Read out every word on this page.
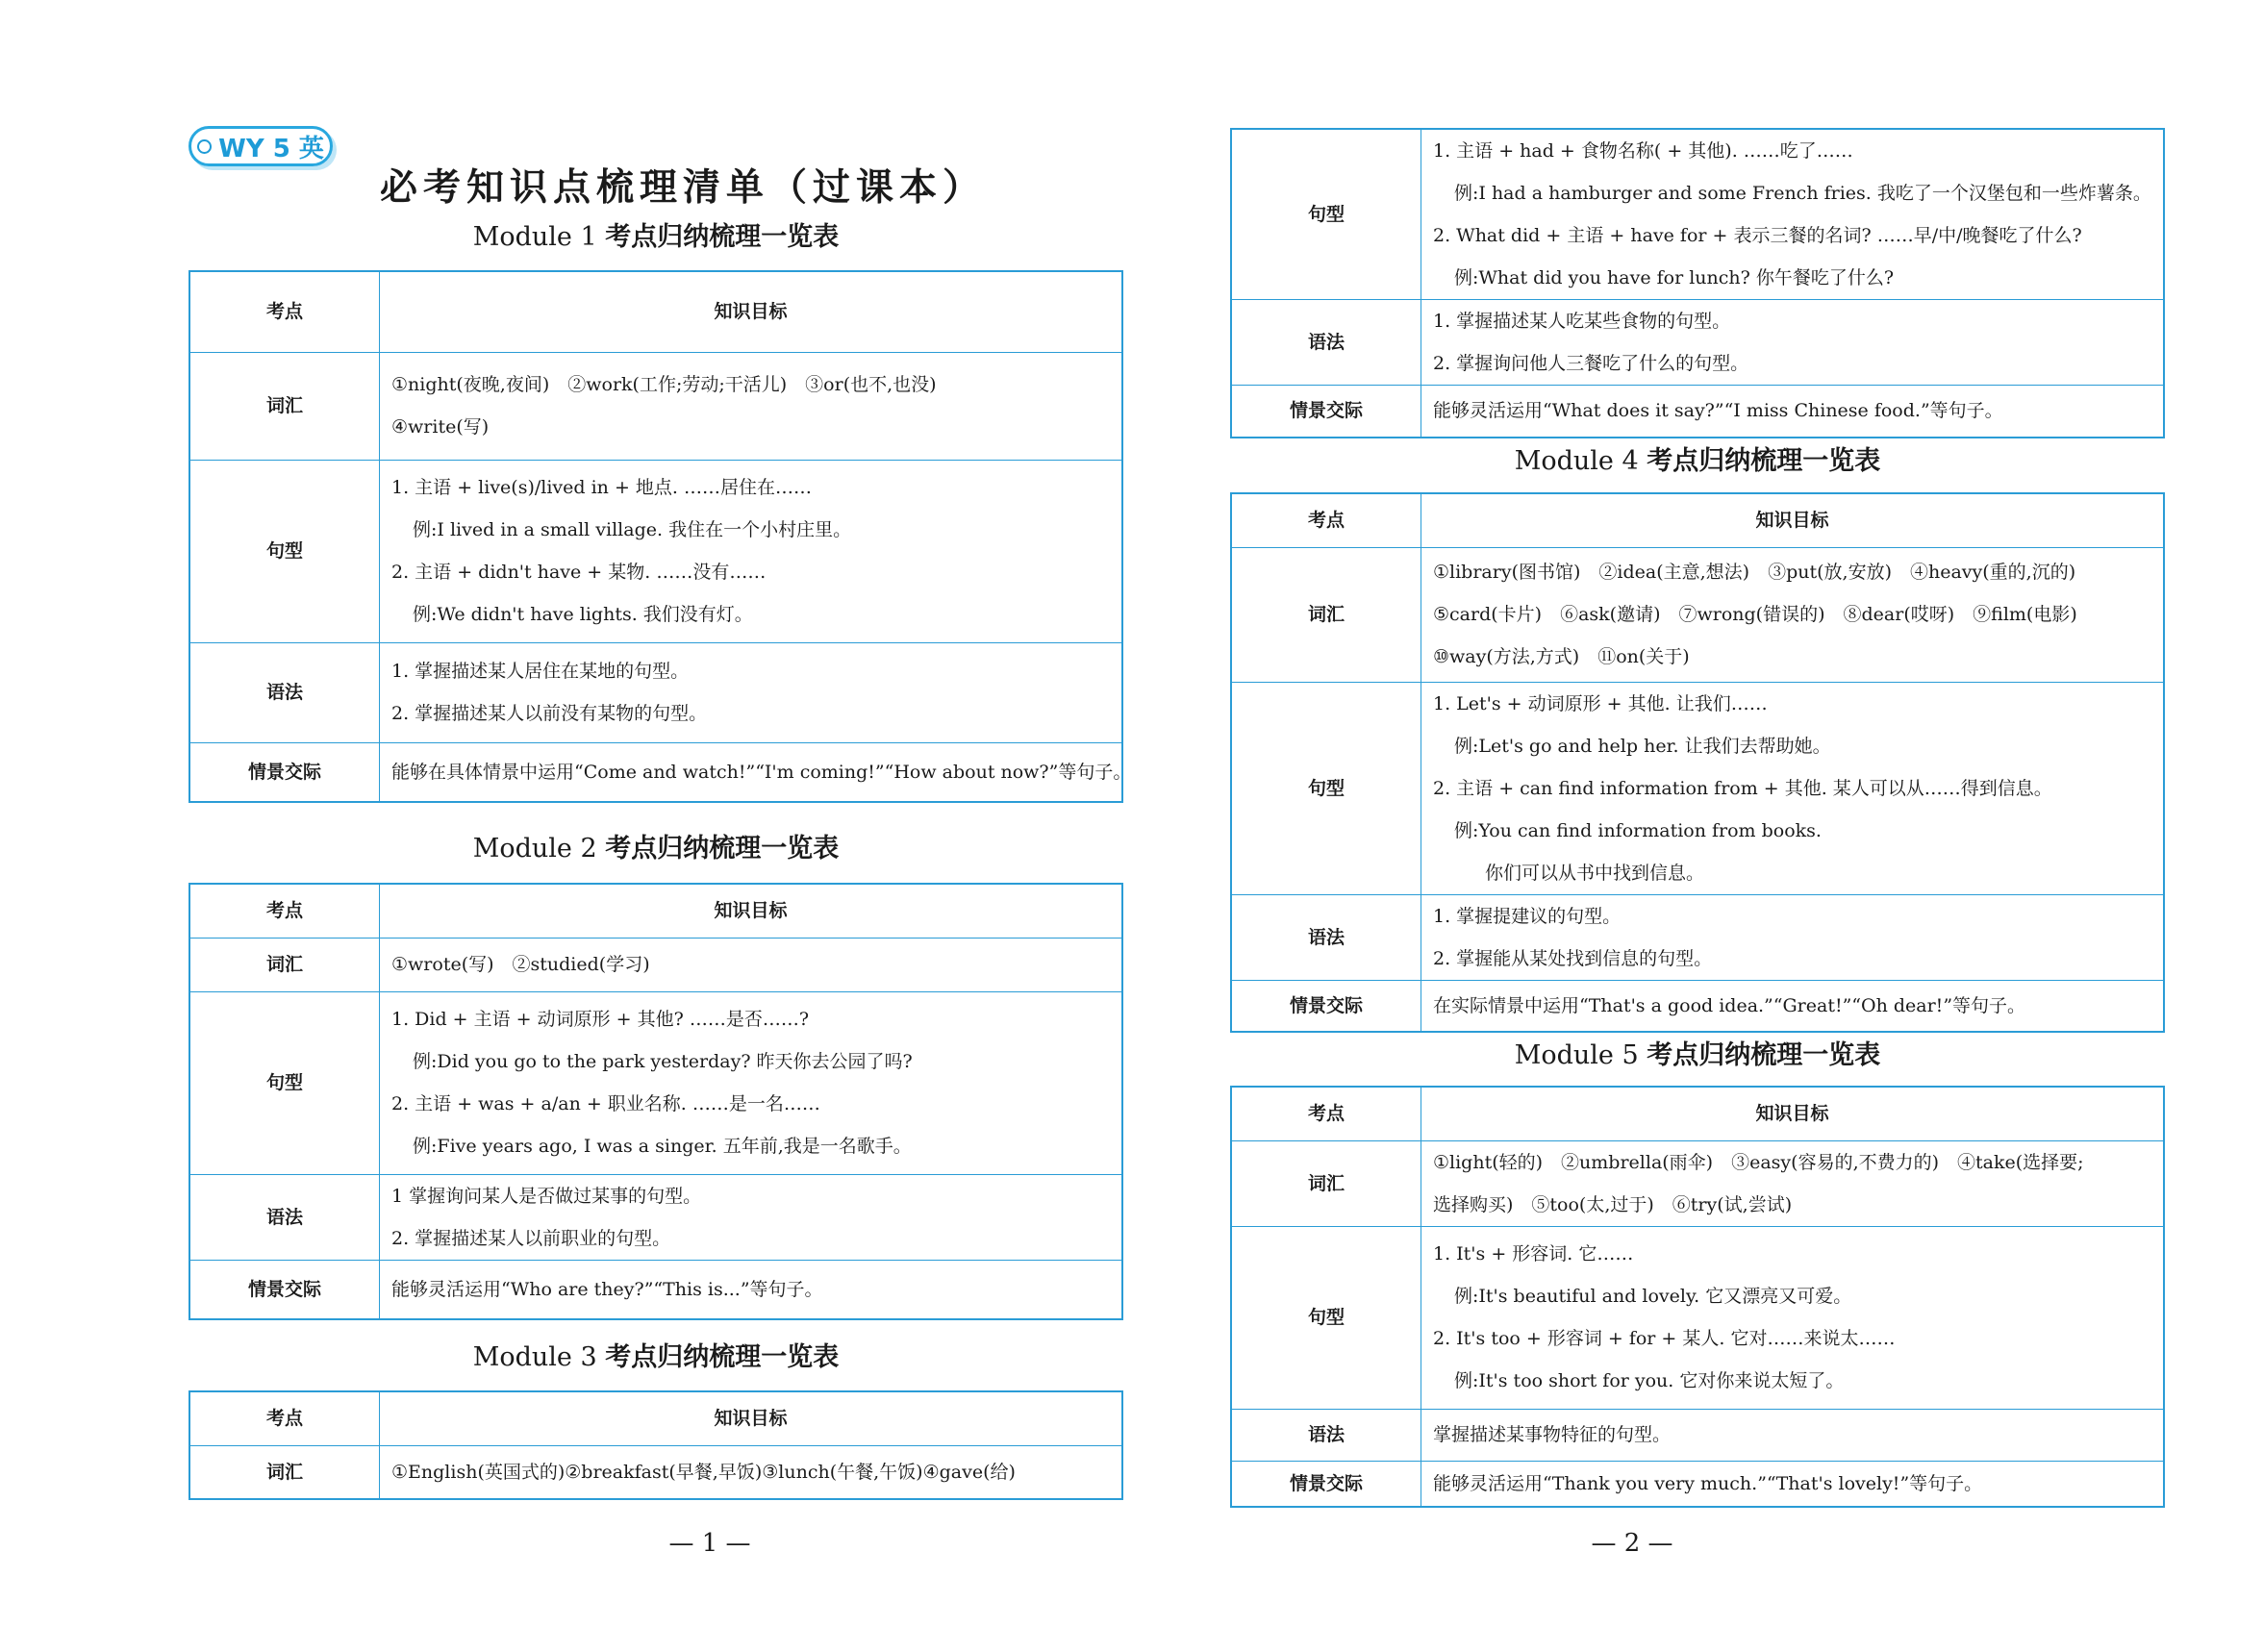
WY 5 英
必考知识点梳理清单（过课本）
Module 1 考点归纳梳理一览表
考点	知识目标
词汇	①night(夜晚,夜间)　②work(工作;劳动;干活儿)　③or(也不,也没)
④write(写)

句型	1. 主语 + live(s)/lived in + 地点. ……居住在……
例:I lived in a small village. 我住在一个小村庄里。
2. 主语 + didn't have + 某物. ……没有……
例:We didn't have lights. 我们没有灯。

语法	1. 掌握描述某人居住在某地的句型。
2. 掌握描述某人以前没有某物的句型。

情景交际	能够在具体情景中运用“Come and watch!”“I'm coming!”“How about now?”等句子。
Module 2 考点归纳梳理一览表
考点	知识目标
词汇	①wrote(写)　②studied(学习)

句型	1. Did + 主语 + 动词原形 + 其他? ……是否……?
例:Did you go to the park yesterday? 昨天你去公园了吗?
2. 主语 + was + a/an + 职业名称. ……是一名……
例:Five years ago, I was a singer. 五年前,我是一名歌手。

语法	1 掌握询问某人是否做过某事的句型。
2. 掌握描述某人以前职业的句型。

情景交际	能够灵活运用“Who are they?”“This is...”等句子。
Module 3 考点归纳梳理一览表
考点	知识目标
词汇	①English(英国式的)②breakfast(早餐,早饭)③lunch(午餐,午饭)④gave(给)
— 1 —
句型	1. 主语 + had + 食物名称( + 其他). ……吃了……
例:I had a hamburger and some French fries. 我吃了一个汉堡包和一些炸薯条。
2. What did + 主语 + have for + 表示三餐的名词? ……早/中/晚餐吃了什么?
例:What did you have for lunch? 你午餐吃了什么?

语法	1. 掌握描述某人吃某些食物的句型。
2. 掌握询问他人三餐吃了什么的句型。

情景交际	能够灵活运用“What does it say?”“I miss Chinese food.”等句子。
Module 4 考点归纳梳理一览表
考点	知识目标
词汇	①library(图书馆)　②idea(主意,想法)　③put(放,安放)　④heavy(重的,沉的)
⑤card(卡片)　⑥ask(邀请)　⑦wrong(错误的)　⑧dear(哎呀)　⑨film(电影)
⑩way(方法,方式)　⑪on(关于)

句型	1. Let's + 动词原形 + 其他. 让我们……
例:Let's go and help her. 让我们去帮助她。
2. 主语 + can find information from + 其他. 某人可以从……得到信息。
例:You can find information from books.
你们可以从书中找到信息。

语法	1. 掌握提建议的句型。
2. 掌握能从某处找到信息的句型。

情景交际	在实际情景中运用“That's a good idea.”“Great!”“Oh dear!”等句子。
Module 5 考点归纳梳理一览表
考点	知识目标
词汇	①light(轻的)　②umbrella(雨伞)　③easy(容易的,不费力的)　④take(选择要;
选择购买)　⑤too(太,过于)　⑥try(试,尝试)

句型	1. It's + 形容词. 它……
例:It's beautiful and lovely. 它又漂亮又可爱。
2. It's too + 形容词 + for + 某人. 它对……来说太……
例:It's too short for you. 它对你来说太短了。

语法	掌握描述某事物特征的句型。

情景交际	能够灵活运用“Thank you very much.”“That's lovely!”等句子。
— 2 —
